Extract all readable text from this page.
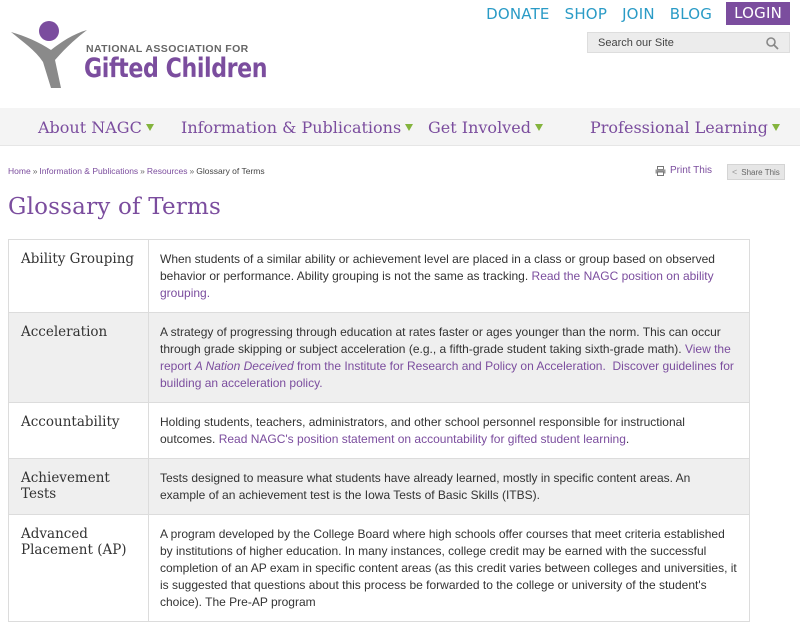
DONATE SHOP JOIN BLOG	LOGIN
Search our Site
NATIONAL ASSOCIATION FOR
Gifted Children
About NAGC	Information & Publications	Get Involved	Professional Learning
Home » Information & Publications » Resources » Glossary of Terms	Print This < Share This
Glossary of Terms
Ability Grouping	When students of a similar ability or achievement level are placed in a class or group based on observed behavior or performance. Ability grouping is not the same as tracking. Read the NAGC position on ability grouping.
Acceleration	A strategy of progressing through education at rates faster or ages younger than the norm. This can occur through grade skipping or subject acceleration (e.g., a fifth-grade student taking sixth-grade math). View the report A Nation Deceived from the Institute for Research and Policy on Acceleration. Discover guidelines for building an acceleration policy.
Accountability	Holding students, teachers, administrators, and other school personnel responsible for instructional outcomes. Read NAGC's position statement on accountability for gifted student learning.
Achievement Tests	Tests designed to measure what students have already learned, mostly in specific content areas. An example of an achievement test is the Iowa Tests of Basic Skills (ITBS).
Advanced Placement (AP)	A program developed by the College Board where high schools offer courses that meet criteria established by institutions of higher education. In many instances, college credit may be earned with the successful completion of an AP exam in specific content areas (as this credit varies between colleges and universities, it is suggested that questions about this process be forwarded to the college or university of the student's choice). The Pre-AP program
